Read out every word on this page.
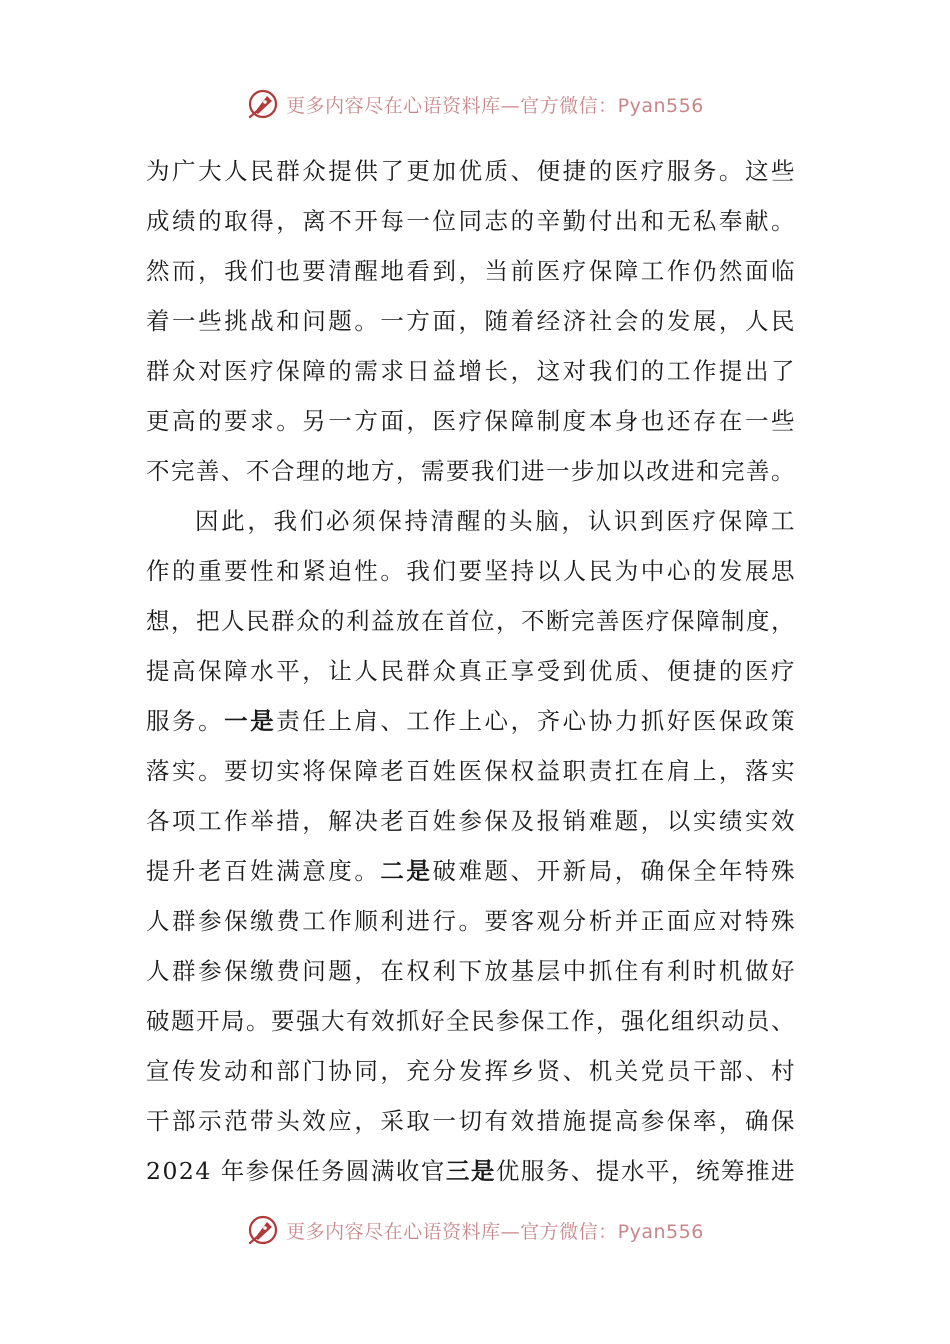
更多内容尽在心语资料库—官方微信：Pyan556
为广大人民群众提供了更加优质、便捷的医疗服务。这些
成绩的取得，离不开每一位同志的辛勤付出和无私奉献。
然而，我们也要清醒地看到，当前医疗保障工作仍然面临
着一些挑战和问题。一方面，随着经济社会的发展，人民
群众对医疗保障的需求日益增长，这对我们的工作提出了
更高的要求。另一方面，医疗保障制度本身也还存在一些
不完善、不合理的地方，需要我们进一步加以改进和完善。
因此，我们必须保持清醒的头脑，认识到医疗保障工
作的重要性和紧迫性。我们要坚持以人民为中心的发展思
想，把人民群众的利益放在首位，不断完善医疗保障制度，
提高保障水平，让人民群众真正享受到优质、便捷的医疗
服务。一是责任上肩、工作上心，齐心协力抓好医保政策
落实。要切实将保障老百姓医保权益职责扛在肩上，落实
各项工作举措，解决老百姓参保及报销难题，以实绩实效
提升老百姓满意度。二是破难题、开新局，确保全年特殊
人群参保缴费工作顺利进行。要客观分析并正面应对特殊
人群参保缴费问题，在权利下放基层中抓住有利时机做好
破题开局。要强大有效抓好全民参保工作，强化组织动员、
宣传发动和部门协同，充分发挥乡贤、机关党员干部、村
干部示范带头效应，采取一切有效措施提高参保率，确保
2024 年参保任务圆满收官三是优服务、提水平，统筹推进
更多内容尽在心语资料库—官方微信：Pyan556
